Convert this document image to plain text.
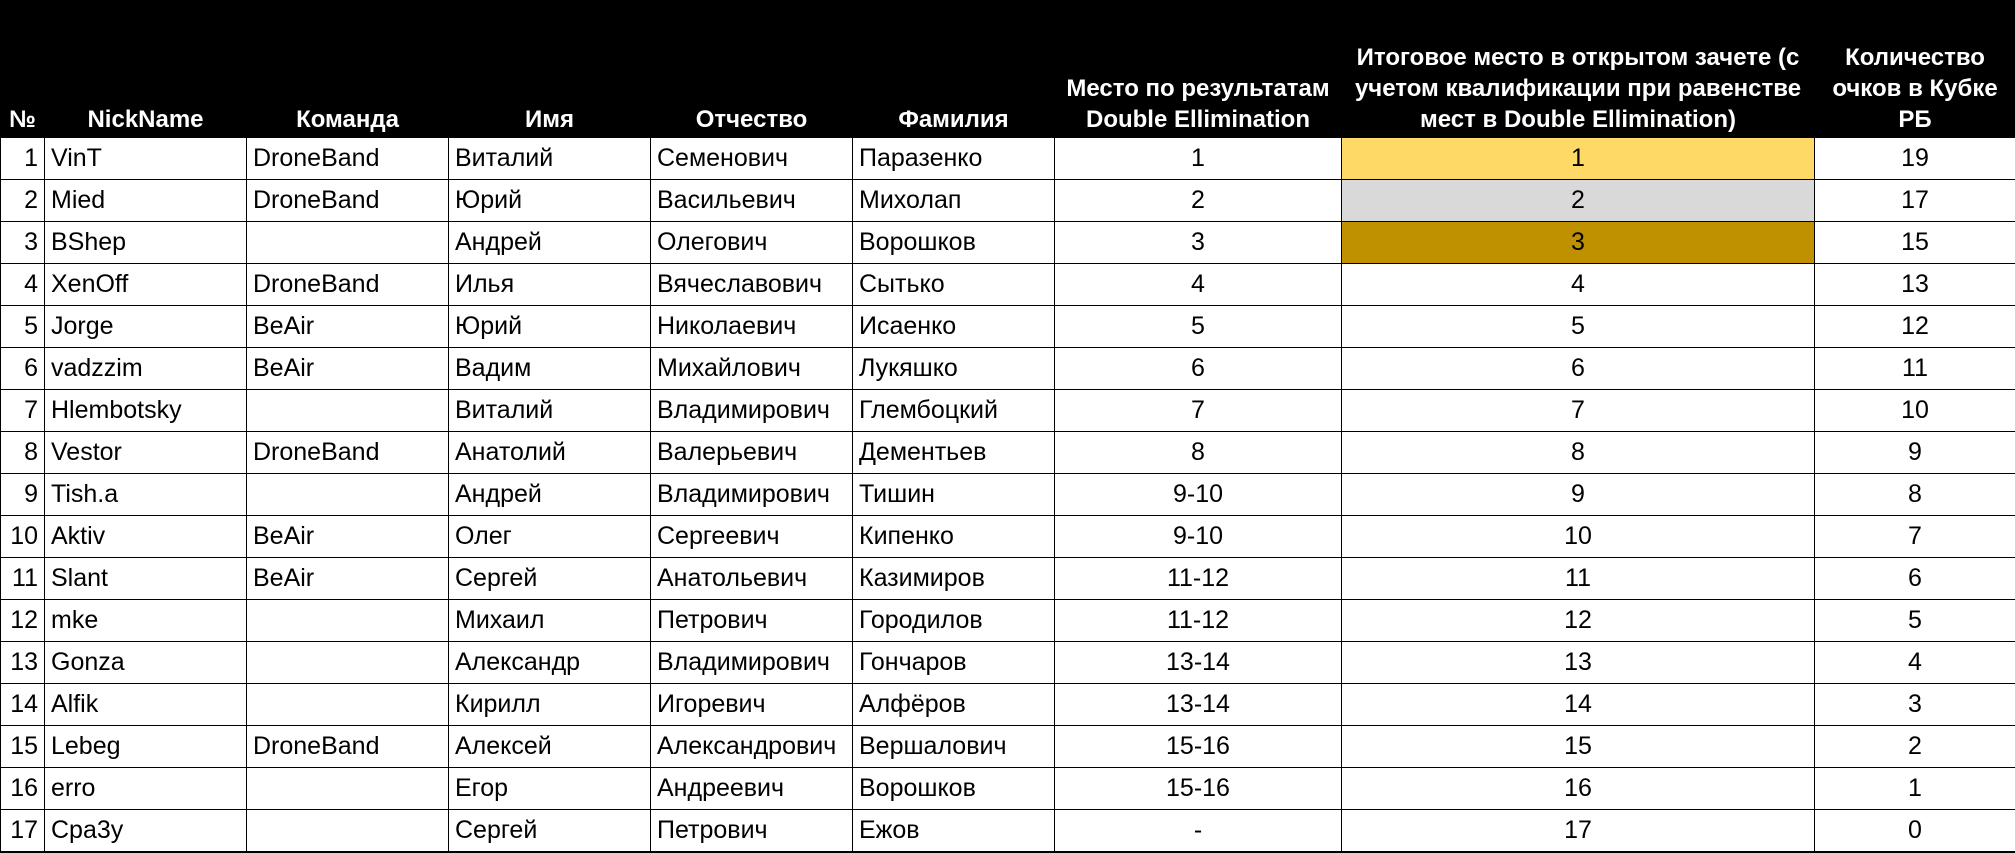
№	NickName	Команда	Имя	Отчество	Фамилия	Место по результатам Double Ellimination	Итоговое место в открытом зачете (с учетом квалификации при равенстве мест в Double Ellimination)	Количество очков в Кубке РБ
1	VinT	DroneBand	Виталий	Семенович	Паразенко	1	1	19
2	Mied	DroneBand	Юрий	Васильевич	Михолап	2	2	17
3	BShep		Андрей	Олегович	Ворошков	3	3	15
4	XenOff	DroneBand	Илья	Вячеславович	Сытько	4	4	13
5	Jorge	BeAir	Юрий	Николаевич	Исаенко	5	5	12
6	vadzzim	BeAir	Вадим	Михайлович	Лукяшко	6	6	11
7	Hlembotsky		Виталий	Владимирович	Глембоцкий	7	7	10
8	Vestor	DroneBand	Анатолий	Валерьевич	Дементьев	8	8	9
9	Tish.a		Андрей	Владимирович	Тишин	9-10	9	8
10	Aktiv	BeAir	Олег	Сергеевич	Кипенко	9-10	10	7
11	Slant	BeAir	Сергей	Анатольевич	Казимиров	11-12	11	6
12	mke		Михаил	Петрович	Городилов	11-12	12	5
13	Gonza		Александр	Владимирович	Гончаров	13-14	13	4
14	Alfik		Кирилл	Игоревич	Алфёров	13-14	14	3
15	Lebeg	DroneBand	Алексей	Александрович	Вершалович	15-16	15	2
16	erro		Егор	Андреевич	Ворошков	15-16	16	1
17	Сра3у		Сергей	Петрович	Ежов	-	17	0
